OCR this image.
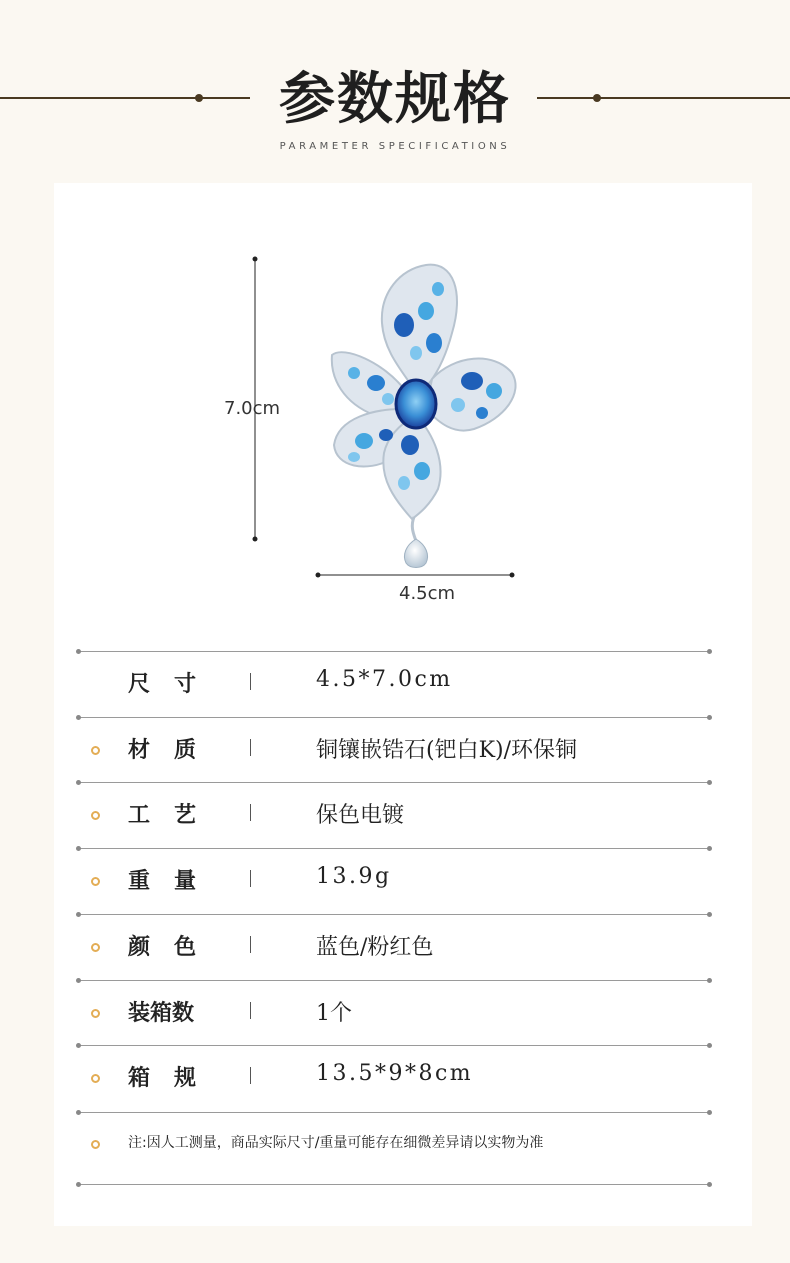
参数规格
PARAMETER SPECIFICATIONS
7.0cm
4.5cm
尺寸	4.5*7.0cm
材质	铜镶嵌锆石(钯白K)/环保铜
工艺	保色电镀
重量	13.9g
颜色	蓝色/粉红色
装箱数	1个
箱规	13.5*9*8cm
注:因人工测量，商品实际尺寸/重量可能存在细微差异请以实物为准
